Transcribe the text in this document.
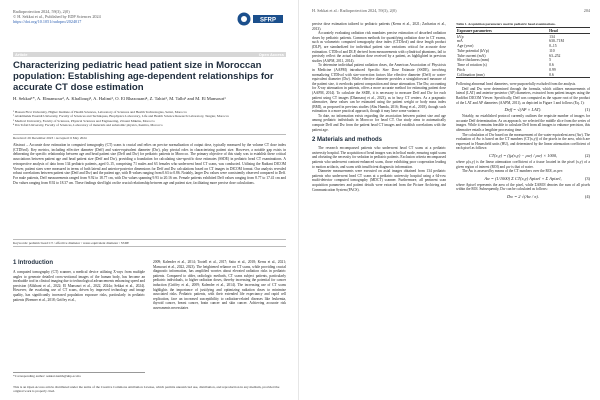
Radioprotection 2024, 59(3), 2(0)
© H. Sekkat et al., Published by EDP Sciences 2024
https://doi.org/10.1051/radopro/2024017	SFRP
Article	Open Access
Characterizing pediatric head patient size in Moroccan population: Establishing age-dependent relationships for accurate CT dose estimation
H. Sekkat¹*, A. Elmansour², A. Khallouqi³, A. Halimi³, O. El Rhazouani⁴, Z. Tahiri³, M. Talbi¹ and M. El Mansouri¹
¹ Hassan First University, Higher Institute of Health Sciences, Laboratory of Sciences and Health Technologies, Settat, Morocco
² Abdelmalek Essaâdi University, Faculty of Sciences and Techniques, Biophysics Laboratory, Life and Health Science Research Laboratory, Tangier, Morocco
³ Medical University, Faculty of Sciences, Physical Sciences and Engineering, Zitouni Mikèns, Morocco
⁴ Ibn Tofail University, Faculty of Sciences, Laboratory of materials and subatomic physics, Kenitra, Morocco
Received: 26 December 2023 / Accepted: 6 May 2024
Abstract – Accurate dose estimation in computed tomography (CT) scans is crucial and relies on precise normalization of output dose, typically measured by the volume CT dose index (CTDIvol). Key metrics, including effective diameter (Deff) and water-equivalent diameter (Dw), play pivotal roles in characterizing patient size. However, a notable gap exists in delineating the specific relationship between age and head patient size (Deff and Dw) for pediatric patients in Morocco. The primary objective of this study was to establish these critical associations between patient age and head patient size (Deff and Dw), providing a foundation for calculating size-specific dose estimates (SSDE) in pediatric head CT examinations. A retrospective analysis of data from 134 pediatric patients, aged 0–15, comprising 71 males and 63 females who underwent head CT scans, was conducted. Utilizing the Radiant DICOM Viewer, patient sizes were measured in terms of both lateral and anterior-posterior dimensions for Deff and Dw calculations based on CT images in DICOM format. Our analysis revealed robust correlations between patient size (Deff and Dw) and the patient age, with R-values ranging from 0.63 to 0.86. Notably, larger Dw values were consistently observed compared to Deff. For male patients, Deff measurements ranged from 9.92 to 18.77 cm, with Dw values spanning 9.93 to 20.16 cm. Female patients exhibited Deff values ranging from 8.77 to 17.41 cm and Dw values ranging from 8.92 to 18.37 cm. These findings shed light on the crucial relationship between age and patient size, facilitating more precise dose calculations.
Keywords: pediatric head CT / effective diameter / water-equivalent diameter / SSDE
1 Introduction
A computed tomography (CT) scanner, a medical device utilizing X-rays from multiple angles to generate detailed cross-sectional images of the human body, has become an invaluable tool in clinical imaging due to technological advancements enhancing speed and precision (Alikhani et al., 2022; El Mansouri et al., 2022, 2024a; Sekkat et al., 2024). However, the escalating use of CT scans, driven by improved technology and image quality, has significantly increased population exposure risks, particularly in pediatric patients (Brenner et al., 2018; Griffey et al.,
2009; Kalender et al., 2014; Tootell et al., 2017; Saito et al., 2018; Kerns et al., 2021; Mansouri et al., 2022, 2023). The heightened reliance on CT scans, while providing crucial diagnostic information, has amplified worries about elevated radiation risks in pediatric patients. Compared to older, radiologic methods, CT scans subject patients, particularly pediatric individuals, to higher radiation doses, thereby increasing the potential for cancer induction (Griffey et al., 2009; Kalender et al., 2014). The increasing use of CT scans highlights the importance of justifying and optimizing radiation doses to minimize associated risks. Pediatric patients, with their extended life expectancy and rapid cell replication, face an increased susceptibility to radiation-related diseases like leukemia, thyroid cancer, breast cancer, brain cancer and skin cancer. Achieving accurate risk assessments necessitates
*Corresponding author: sekkat.issmh@uhp.ac.ma
This is an Open Access article distributed under the terms of the Creative Commons Attribution License, which permits unrestricted use, distribution, and reproduction in any medium, provided the original work is properly cited.
H. Sekkat et al.: Radioprotection 2024, 59(3), 2(0)	204
precise dose estimation tailored to pediatric patients (Kerns et al., 2021; Zacharias et al., 2013).
Accurately evaluating radiation risk mandates precise estimation of absorbed radiation doses by pediatric patients. Common methods for quantifying radiation dose in CT exams, such as volumetric computed tomography dose index (CTDIvol) and dose length product (DLP), are standardized for individual patient size variations critical for accurate dose estimation. CTDIvol and DLP, derived from measurements with cylindrical phantoms, fail to precisely reflect the actual radiation dose received by a patient, as highlighted in previous studies (AAPM, 2011, 2014).
To determine individual patient radiation doses, the American Association of Physicists in Medicine (AAPM) introduced Specific Size Dose Estimate (SSDE), involving normalizing CTDIvol with size-correction factors like effective diameter (Deff) or water-equivalent diameter (Dw). While effective diameter provides a straightforward measure of the patient size, it overlooks patient composition and tissue attenuation. The Dw, accounting for X-ray attenuation in patients, offers a more accurate method for estimating patient dose (AAPM, 2014). To calculate the SSDE, it is necessary to measure Deff and Dw for each patient using CT images (Dhansaraj et al., 2023), as in busy CT centers. As a pragmatic alternative, these values can be estimated using the patient weight or body mass index (BMI), as proposed in previous studies (Abu Hamda, 2016; Hong et al., 2018), though such estimation is a more practical approach, though it may have some variance.
To date, no information exists regarding the association between patient size and age among pediatric individuals in Morocco for head CT. Our study aims to automatically compute Deff and Dw from the patient head CT images and establish correlations with the patient age.
2 Materials and methods
The research encompassed patients who underwent head CT scans at a pediatric university hospital. The acquisition of head images was in helical mode, ensuring rapid scans and obviating the necessity for sedation in pediatric patients. Exclusion criteria encompassed patients who underwent contrast-enhanced scans, those exhibiting poor cooperation leading to motion artifacts, and scans with insufficient diagnostic information.
Diameter measurements were executed on axial images obtained from 134 pediatric patients who underwent head CT scans at a pediatric university hospital using a 64-row multi-detector computed tomography (MDCT) scanner. Furthermore, all pertinent scan acquisition parameters and patient details were extracted from the Picture Archiving and Communication System (PACS).
Table 1. Acquisition parameters used in pediatric head examinations.
Exposure parameters	Head
kVp	134
mA	630–71M
Age (year)	0–15
Tube potential (kVp)	110
Tube current (mA)	63–252
Slice thickness (mm)	5
Time of rotation (s)	0.6
Pitch	0.99
Collimation (mm)	0.6
Following abnormal head diameters, were purposefully excluded from the analysis.
Deff and Dw were determined through the formula, which utilizes measurements of lateral (LAT) and anterior-posterior (AP) diameters, extracted from patient images using the RadiAnt DICOM Viewer. Specifically, Deff was computed as the square root of the product of the LAT and AP diameters (AAPM, 2011), as depicted in Figure 1 and follows (Eq. 1):
Deff = √(AP × LAT).	(1)
Notably, no established protocol currently outlines the requisite number of images for accurate Deff determination. As an approach, we selected the middle slice from the series of images. While it remains feasible to calculate Deff from all images to enhance precision, this alternative entails a lengthier processing time.
The calculation of Dw based on the measurement of the water-equivalent area (Aw). The evaluation of Aw is based on the CT numbers (CT(x,y)) of the pixels in the area, which are expressed in Hounsfield units (HU), and determined by the linear attenuation coefficient of each pixel as follows:
CT(x,y) = ((μ(x,y) − μw) / μw) × 1000,	(2)
where μ(x,y) is the linear attenuation coefficient of a tissue located in the pixel (x,y) of a given region of interest (ROI) and μw is that of water.
The Aw is assessed by means of the CT numbers over the ROI, as per:
Aw = (1/1000) Σ CT(x,y) Apixel + Σ Apixel,	(3)
where Apixel represents the area of the pixel, while ΣAROI denotes the sum of all pixels within the ROI. Subsequently, Dw can be calculated as follows:
Dw = 2 √(Aw / π).	(4)
